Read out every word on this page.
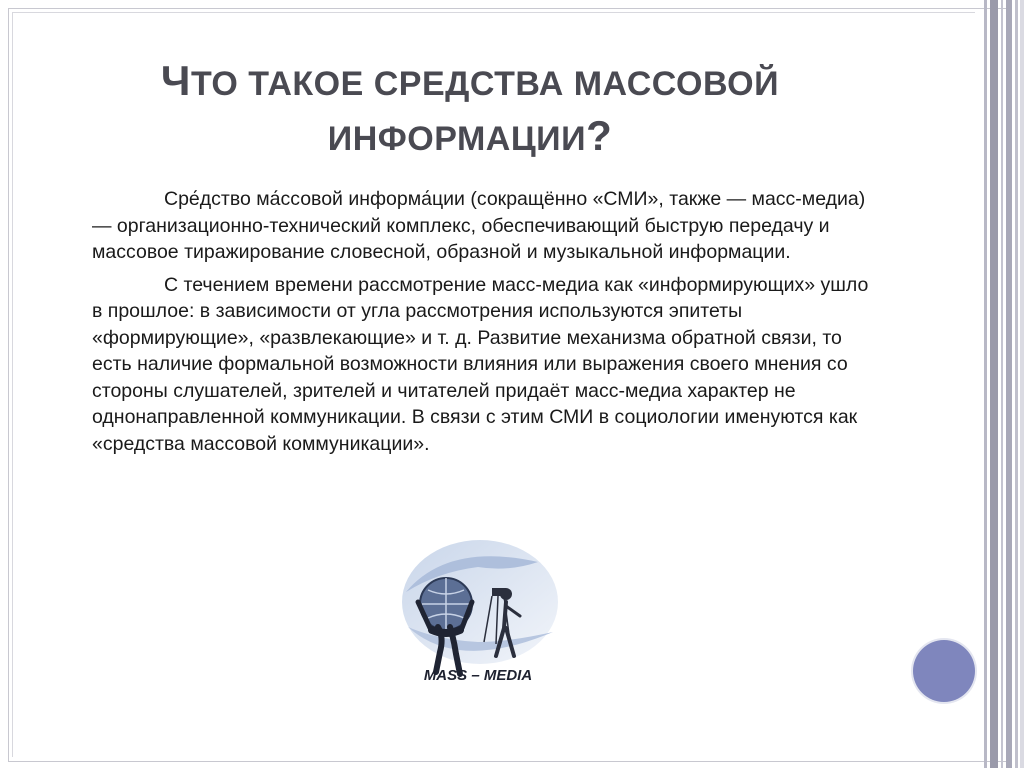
ЧТО ТАКОЕ СРЕДСТВА МАССОВОЙ
ИНФОРМАЦИИ?

Сре́дство ма́ссовой информа́ции (сокращённо «СМИ», также — масс-медиа) — организационно-технический комплекс, обеспечивающий быструю передачу и массовое тиражирование словесной, образной и музыкальной информации.

С течением времени рассмотрение масс-медиа как «информирующих» ушло в прошлое: в зависимости от угла рассмотрения используются эпитеты «формирующие», «развлекающие» и т. д. Развитие механизма обратной связи, то есть наличие формальной возможности влияния или выражения своего мнения со стороны слушателей, зрителей и читателей придаёт масс-медиа характер не однонаправленной коммуникации. В связи с этим СМИ в социологии именуются как «средства массовой коммуникации».

MASS – MEDIA
